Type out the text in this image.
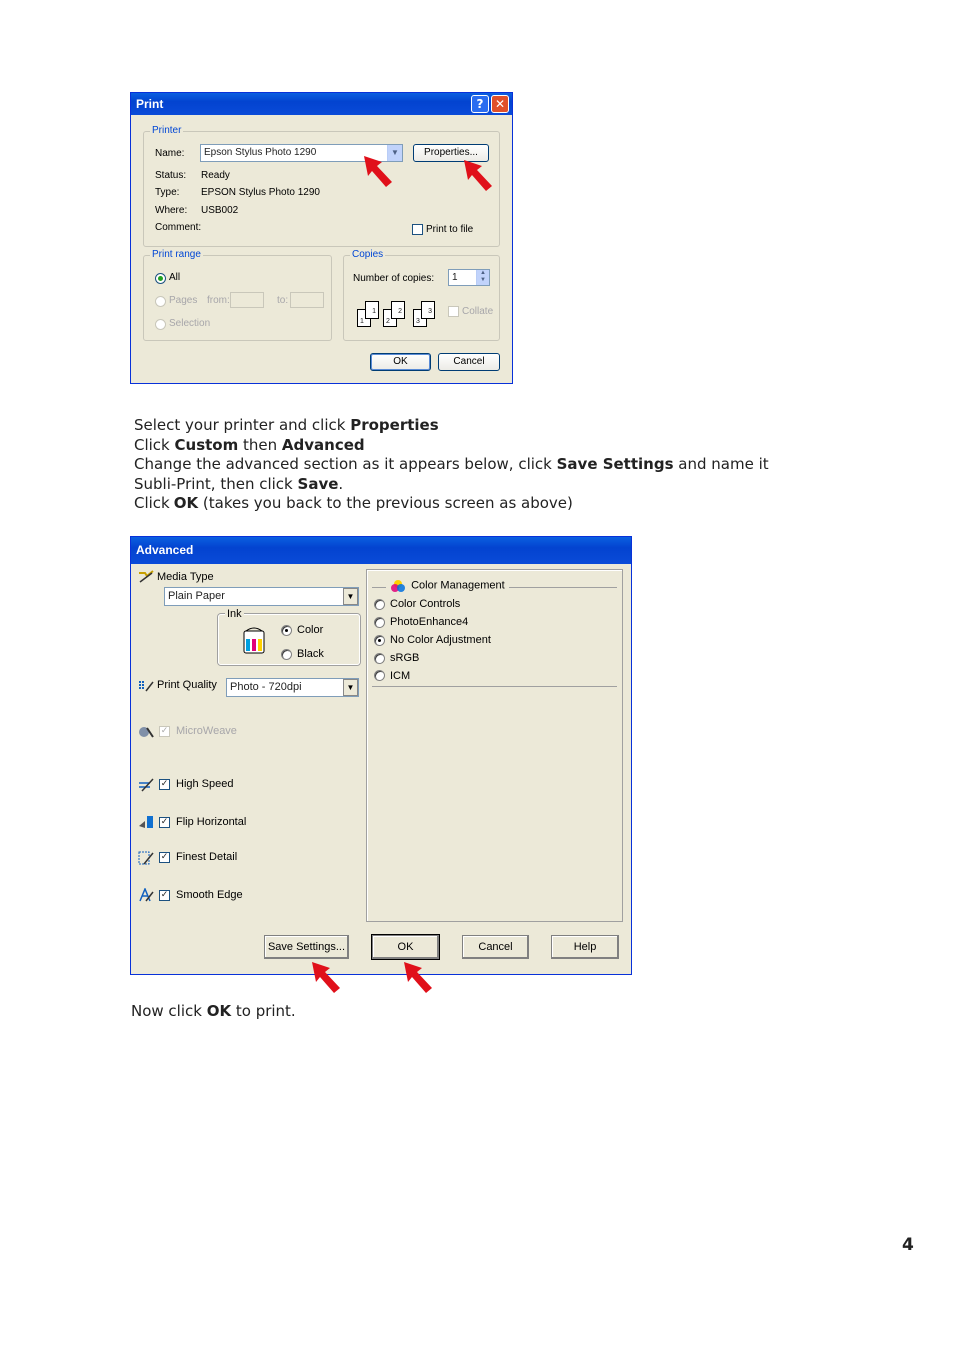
Print	? ✕
Printer
Name:	Epson Stylus Photo 1290	▼	Properties...
Status: Ready
Type: EPSON Stylus Photo 1290
Where: USB002
Comment:	Print to file
Print range
All
Pages from:	to:
Selection
Copies
Number of copies:	1	▲
▼
1
1
2
2
3
3	Collate
OK	Cancel
Select your printer and click Properties
Click Custom then Advanced
Change the advanced section as it appears below, click Save Settings and name it
Subli-Print, then click Save.
Click OK (takes you back to the previous screen as above)
Advanced
Media Type
Plain Paper	▼
Ink
Color
Black
Print Quality	Photo - 720dpi	▼
✓ MicroWeave
✓ High Speed
✓ Flip Horizontal
✓ Finest Detail
✓ Smooth Edge
Color Management
Color Controls
PhotoEnhance4
No Color Adjustment
sRGB
ICM
Save Settings...	OK	Cancel	Help
Now click OK to print.
4
